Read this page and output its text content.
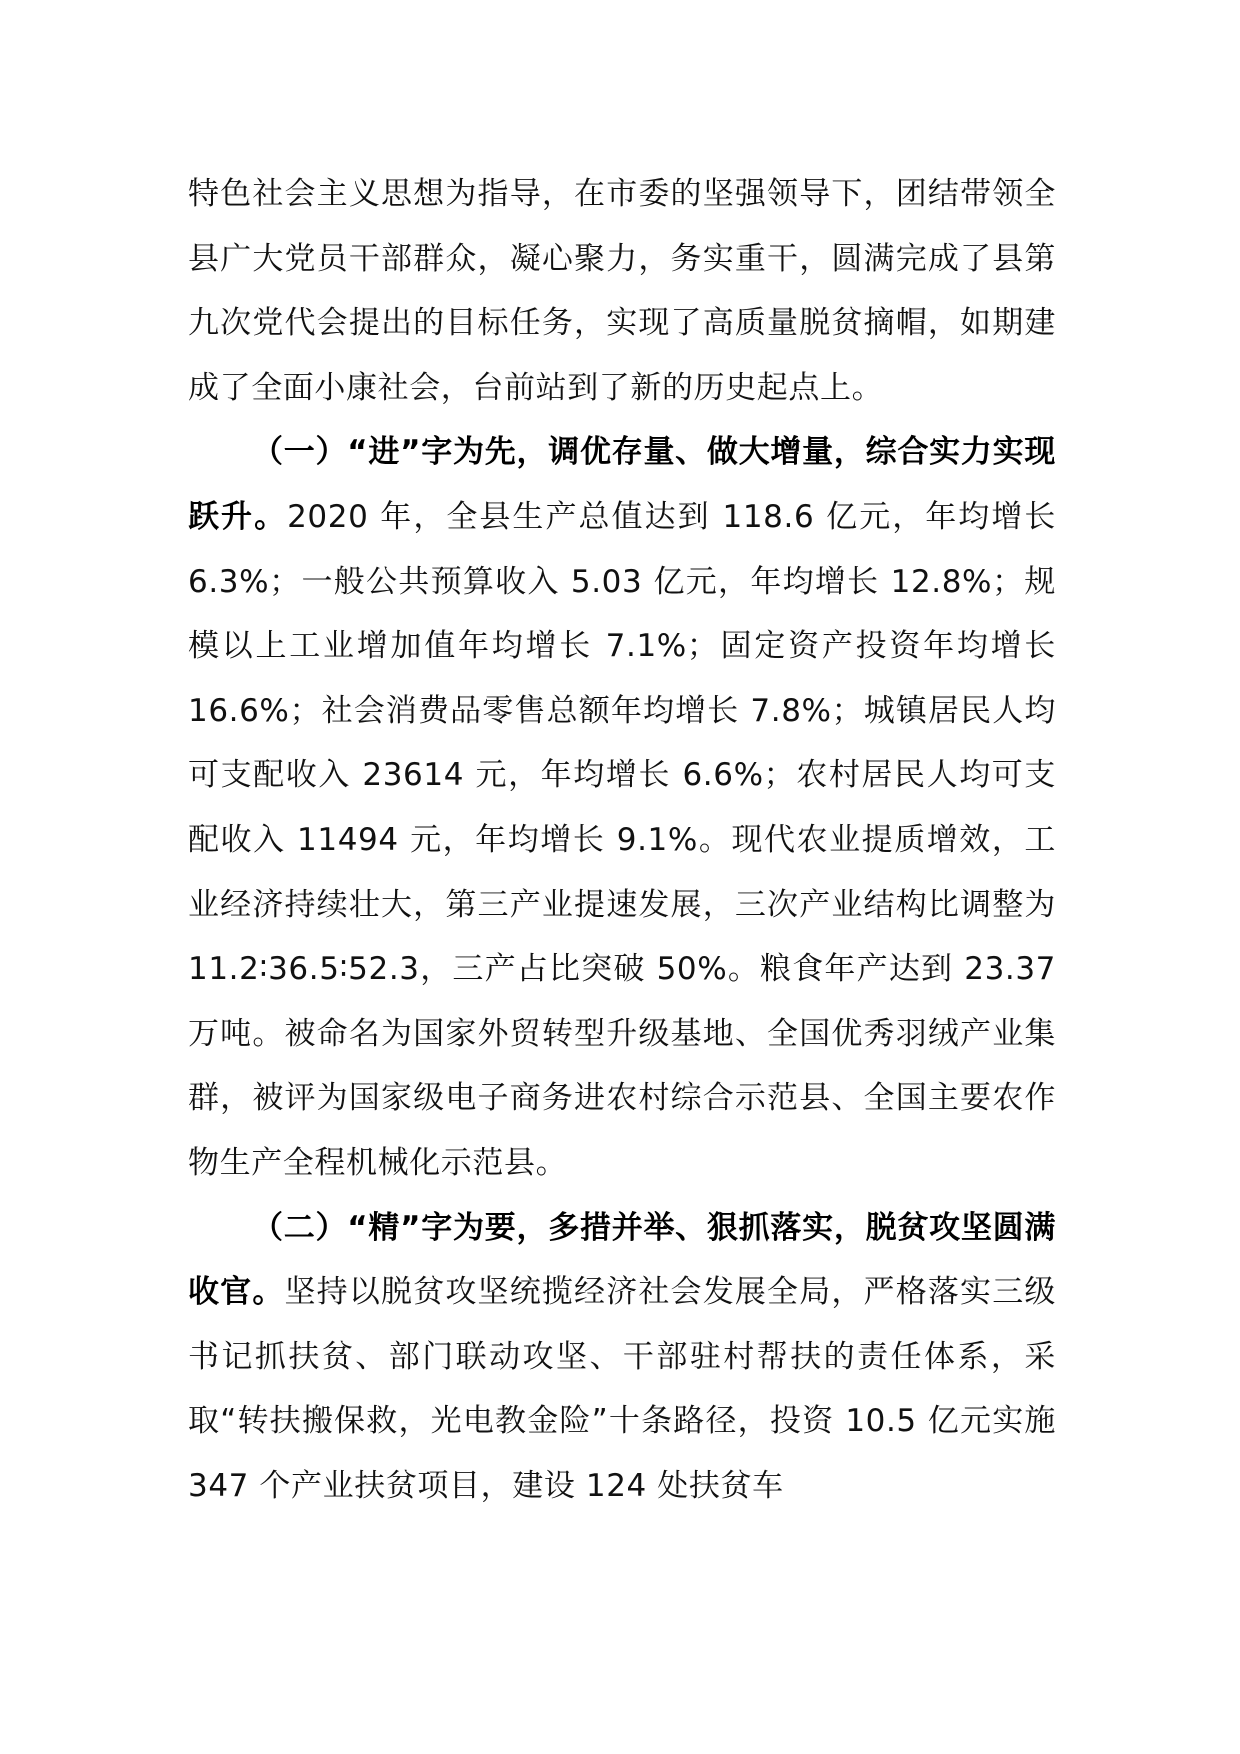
特色社会主义思想为指导，在市委的坚强领导下，团结带领全县广大党员干部群众，凝心聚力，务实重干，圆满完成了县第九次党代会提出的目标任务，实现了高质量脱贫摘帽，如期建成了全面小康社会，台前站到了新的历史起点上。

（一）“进”字为先，调优存量、做大增量，综合实力实现跃升。2020 年，全县生产总值达到 118.6 亿元，年均增长 6.3%；一般公共预算收入 5.03 亿元，年均增长 12.8%；规模以上工业增加值年均增长 7.1%；固定资产投资年均增长 16.6%；社会消费品零售总额年均增长 7.8%；城镇居民人均可支配收入 23614 元，年均增长 6.6%；农村居民人均可支配收入 11494 元，年均增长 9.1%。现代农业提质增效，工业经济持续壮大，第三产业提速发展，三次产业结构比调整为 11.2∶36.5∶52.3，三产占比突破 50%。粮食年产达到 23.37 万吨。被命名为国家外贸转型升级基地、全国优秀羽绒产业集群，被评为国家级电子商务进农村综合示范县、全国主要农作物生产全程机械化示范县。

（二）“精”字为要，多措并举、狠抓落实，脱贫攻坚圆满收官。坚持以脱贫攻坚统揽经济社会发展全局，严格落实三级书记抓扶贫、部门联动攻坚、干部驻村帮扶的责任体系，采取“转扶搬保救，光电教金险”十条路径，投资 10.5 亿元实施 347 个产业扶贫项目，建设 124 处扶贫车
